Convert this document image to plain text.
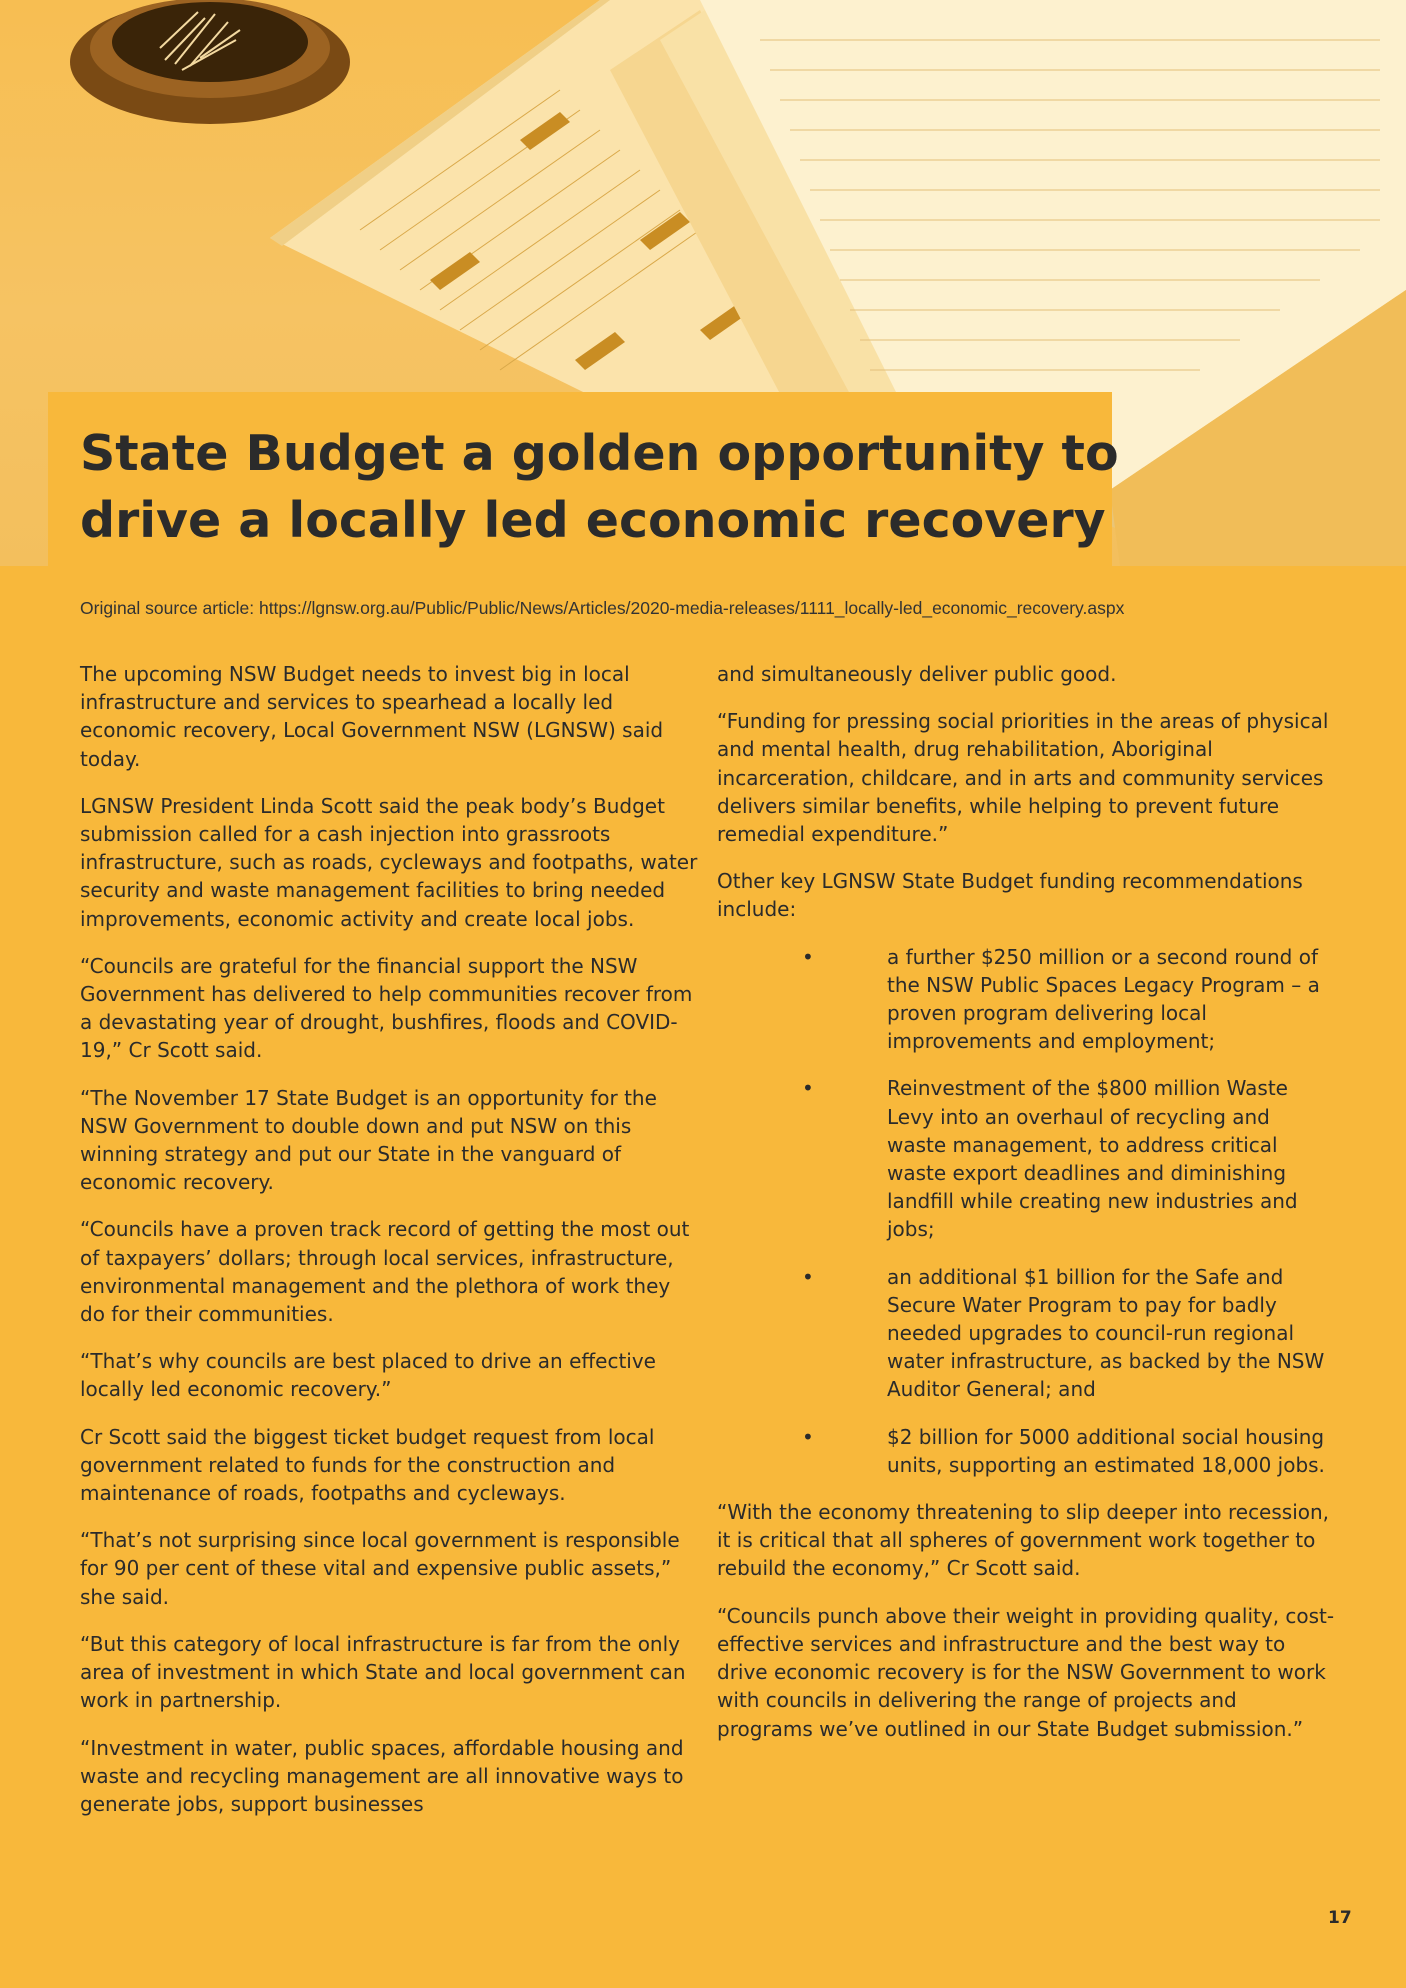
State Budget a golden opportunity to drive a locally led economic recovery
Original source article: https://lgnsw.org.au/Public/Public/News/Articles/2020-media-releases/1111_locally-led_economic_recovery.aspx

The upcoming NSW Budget needs to invest big in local infrastructure and services to spearhead a locally led economic recovery, Local Government NSW (LGNSW) said today.

LGNSW President Linda Scott said the peak body’s Budget submission called for a cash injection into grassroots infrastructure, such as roads, cycleways and footpaths, water security and waste management facilities to bring needed improvements, economic activity and create local jobs.

“Councils are grateful for the financial support the NSW Government has delivered to help communities recover from a devastating year of drought, bushfires, floods and COVID-19,” Cr Scott said.

“The November 17 State Budget is an opportunity for the NSW Government to double down and put NSW on this winning strategy and put our State in the vanguard of economic recovery.

“Councils have a proven track record of getting the most out of taxpayers’ dollars; through local services, infrastructure, environmental management and the plethora of work they do for their communities.

“That’s why councils are best placed to drive an effective locally led economic recovery.”

Cr Scott said the biggest ticket budget request from local government related to funds for the construction and maintenance of roads, footpaths and cycleways.

“That’s not surprising since local government is responsible for 90 per cent of these vital and expensive public assets,” she said.

“But this category of local infrastructure is far from the only area of investment in which State and local government can work in partnership.

“Investment in water, public spaces, affordable housing and waste and recycling management are all innovative ways to generate jobs, support businesses

and simultaneously deliver public good.

“Funding for pressing social priorities in the areas of physical and mental health, drug rehabilitation, Aboriginal incarceration, childcare, and in arts and community services delivers similar benefits, while helping to prevent future remedial expenditure.”

Other key LGNSW State Budget funding recommendations include:

•	a further $250 million or a second round of the NSW Public Spaces Legacy Program – a proven program delivering local improvements and employment;
•	Reinvestment of the $800 million Waste Levy into an overhaul of recycling and waste management, to address critical waste export deadlines and diminishing landfill while creating new industries and jobs;
•	an additional $1 billion for the Safe and Secure Water Program to pay for badly needed upgrades to council-run regional water infrastructure, as backed by the NSW Auditor General; and
•	$2 billion for 5000 additional social housing units, supporting an estimated 18,000 jobs.

“With the economy threatening to slip deeper into recession, it is critical that all spheres of government work together to rebuild the economy,” Cr Scott said.

“Councils punch above their weight in providing quality, cost-effective services and infrastructure and the best way to drive economic recovery is for the NSW Government to work with councils in delivering the range of projects and programs we’ve outlined in our State Budget submission.”

17
